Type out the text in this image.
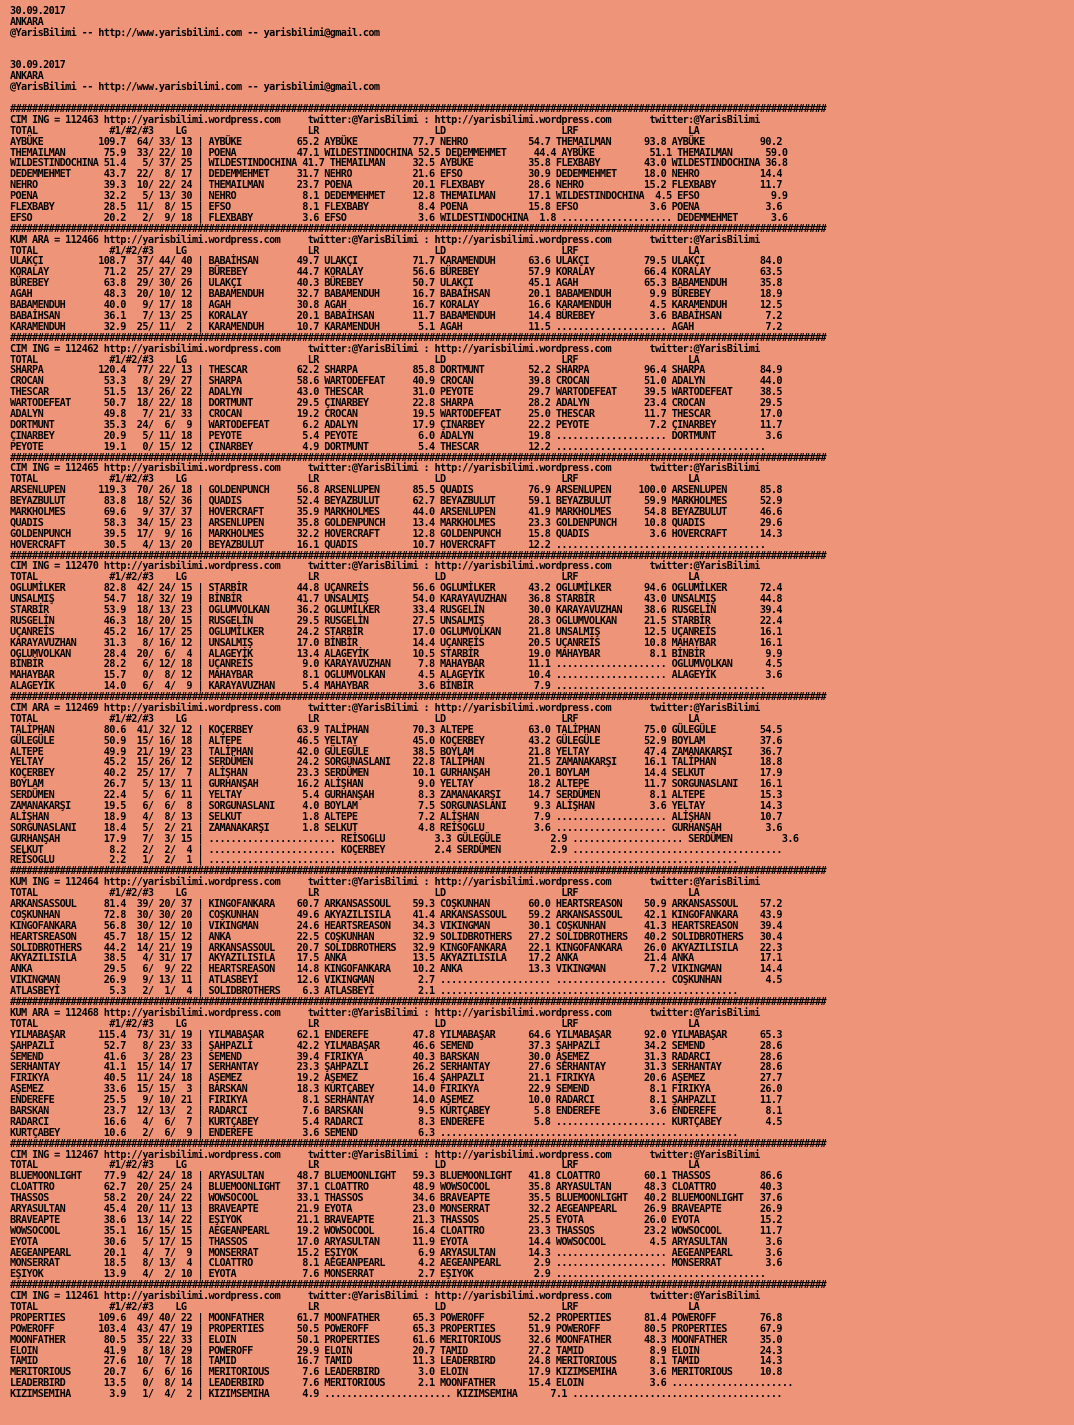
30.09.2017
ANKARA
@YarisBilimi -- http://www.yarisbilimi.com -- yarisbilimi@gmail.com

30.09.2017
ANKARA
@YarisBilimi -- http://www.yarisbilimi.com -- yarisbilimi@gmail.com

####################################################################################################################################################
CIM ING = 112463 http://yarisbilimi.wordpress.com     twitter:@YarisBilimi : http://yarisbilimi.wordpress.com       twitter:@YarisBilimi
TOTAL             #1/#2/#3    LG                      LR                     LD                     LRF                    LA
AYBÜKE          109.7  64/ 33/ 13 | AYBÜKE          65.2 AYBÜKE          77.7 NEHRO           54.7 THEMAILMAN      93.8 AYBÜKE          90.2
THEMAILMAN       75.9  33/ 22/ 10 | POENA           47.1 WILDESTINDOCHINA 52.5 DEDEMMEHMET     44.4 AYBÜKE          51.1 THEMAILMAN      59.0
WILDESTINDOCHINA 51.4   5/ 37/ 25 | WILDESTINDOCHINA 41.7 THEMAILMAN     32.5 AYBÜKE          35.8 FLEXBABY        43.0 WILDESTINDOCHINA 36.8
DEDEMMEHMET      43.7  22/  8/ 17 | DEDEMMEHMET     31.7 NEHRO           21.6 EFSO            30.9 DEDEMMEHMET     18.0 NEHRO           14.4
NEHRO            39.3  10/ 22/ 24 | THEMAILMAN      23.7 POENA           20.1 FLEXBABY        28.6 NEHRO           15.2 FLEXBABY        11.7
POENA            32.2   5/ 13/ 30 | NEHRO            8.1 DEDEMMEHMET     12.8 THEMAILMAN      17.1 WILDESTINDOCHINA  4.5 EFSO             9.9
FLEXBABY         28.5  11/  8/ 15 | EFSO             8.1 FLEXBABY         8.4 POENA           15.8 EFSO             3.6 POENA            3.6
EFSO             20.2   2/  9/ 18 | FLEXBABY         3.6 EFSO             3.6 WILDESTINDOCHINA  1.8 .................... DEDEMMEHMET      3.6
####################################################################################################################################################
KUM ARA = 112466 http://yarisbilimi.wordpress.com     twitter:@YarisBilimi : http://yarisbilimi.wordpress.com       twitter:@YarisBilimi
TOTAL             #1/#2/#3    LG                      LR                     LD                     LRF                    LA
ULAKÇI          108.7  37/ 44/ 40 | BABAİHSAN       49.7 ULAKÇI          71.7 KARAMENDUH      63.6 ULAKÇI          79.5 ULAKÇI          84.0
KORALAY          71.2  25/ 27/ 29 | BÜREBEY         44.7 KORALAY         56.6 BÜREBEY         57.9 KORALAY         66.4 KORALAY         63.5
BÜREBEY          63.8  29/ 30/ 26 | ULAKÇI          40.3 BÜREBEY         50.7 ULAKÇI          45.1 AGAH            65.3 BABAMENDUH      35.8
AGAH             48.3  20/ 10/ 12 | BABAMENDUH      32.7 BABAMENDUH      16.7 BABAİHSAN       20.1 BABAMENDUH       9.9 BÜREBEY         18.9
BABAMENDUH       40.0   9/ 17/ 18 | AGAH            30.8 AGAH            16.7 KORALAY         16.6 KARAMENDUH       4.5 KARAMENDUH      12.5
BABAİHSAN        36.1   7/ 13/ 25 | KORALAY         20.1 BABAİHSAN       11.7 BABAMENDUH      14.4 BÜREBEY          3.6 BABAİHSAN        7.2
KARAMENDUH       32.9  25/ 11/  2 | KARAMENDUH      10.7 KARAMENDUH       5.1 AGAH            11.5 .................... AGAH             7.2
####################################################################################################################################################
CIM ING = 112462 http://yarisbilimi.wordpress.com     twitter:@YarisBilimi : http://yarisbilimi.wordpress.com       twitter:@YarisBilimi
TOTAL             #1/#2/#3    LG                      LR                     LD                     LRF                    LA
SHARPA          120.4  77/ 22/ 13 | THESCAR         62.2 SHARPA          85.8 DORTMUNT        52.2 SHARPA          96.4 SHARPA          84.9
CROCAN           53.3   8/ 29/ 27 | SHARPA          58.6 WARTODEFEAT     40.9 CROCAN          39.8 CROCAN          51.0 ADALYN          44.0
THESCAR          51.5  13/ 26/ 22 | ADALYN          43.0 THESCAR         31.0 PEYOTE          29.7 WARTODEFEAT     39.5 WARTODEFEAT     38.5
WARTODEFEAT      50.7  18/ 22/ 18 | DORTMUNT        29.5 ÇINARBEY        22.8 SHARPA          28.2 ADALYN          23.4 CROCAN          29.5
ADALYN           49.8   7/ 21/ 33 | CROCAN          19.2 CROCAN          19.5 WARTODEFEAT     25.0 THESCAR         11.7 THESCAR         17.0
DORTMUNT         35.3  24/  6/  9 | WARTODEFEAT      6.2 ADALYN          17.9 ÇINARBEY        22.2 PEYOTE           7.2 ÇINARBEY        11.7
ÇINARBEY         20.9   5/ 11/ 18 | PEYOTE           5.4 PEYOTE           6.0 ADALYN          19.8 .................... DORTMUNT         3.6
PEYOTE           19.1   0/ 15/ 12 | ÇINARBEY         4.9 DORTMUNT         5.4 THESCAR         12.2 ......................................
####################################################################################################################################################
CIM ING = 112465 http://yarisbilimi.wordpress.com     twitter:@YarisBilimi : http://yarisbilimi.wordpress.com       twitter:@YarisBilimi
TOTAL             #1/#2/#3    LG                      LR                     LD                     LRF                    LA
ARSENLUPEN      119.3  70/ 26/ 18 | GOLDENPUNCH     56.8 ARSENLUPEN      85.5 QUADIS          76.9 ARSENLUPEN     100.0 ARSENLUPEN      85.8
BEYAZBULUT       83.8  18/ 52/ 36 | QUADIS          52.4 BEYAZBULUT      62.7 BEYAZBULUT      59.1 BEYAZBULUT      59.9 MARKHOLMES      52.9
MARKHOLMES       69.6   9/ 37/ 37 | HOVERCRAFT      35.9 MARKHOLMES      44.0 ARSENLUPEN      41.9 MARKHOLMES      54.8 BEYAZBULUT      46.6
QUADIS           58.3  34/ 15/ 23 | ARSENLUPEN      35.8 GOLDENPUNCH     13.4 MARKHOLMES      23.3 GOLDENPUNCH     10.8 QUADIS          29.6
GOLDENPUNCH      39.5  17/  9/ 16 | MARKHOLMES      32.2 HOVERCRAFT      12.8 GOLDENPUNCH     15.8 QUADIS           3.6 HOVERCRAFT      14.3
HOVERCRAFT       30.5   4/ 13/ 20 | BEYAZBULUT      16.1 QUADIS          10.7 HOVERCRAFT      12.2 ......................................
####################################################################################################################################################
CIM ING = 112470 http://yarisbilimi.wordpress.com     twitter:@YarisBilimi : http://yarisbilimi.wordpress.com       twitter:@YarisBilimi
TOTAL             #1/#2/#3    LG                      LR                     LD                     LRF                    LA
OGLUMİLKER       82.8  42/ 24/ 15 | STARBİR         44.8 UÇANREİS        56.6 OGLUMİLKER      43.2 OGLUMİLKER      94.6 OGLUMİLKER      72.4
UNSALMIŞ         54.7  18/ 32/ 19 | BİNBİR          41.7 UNSALMIŞ        54.0 KARAYAVUZHAN    36.8 STARBİR         43.0 UNSALMIŞ        44.8
STARBİR          53.9  18/ 13/ 23 | OGLUMVOLKAN     36.2 OGLUMİLKER      33.4 RUSGELİN        30.0 KARAYAVUZHAN    38.6 RUSGELİN        39.4
RUSGELİN         46.3  18/ 20/ 15 | RUSGELİN        29.5 RUSGELİN        27.5 UNSALMIŞ        28.3 OGLUMVOLKAN     21.5 STARBİR         22.4
UÇANREİS         45.2  16/ 17/ 25 | OGLUMİLKER      24.2 STARBİR         17.0 OGLUMVOLKAN     21.8 UNSALMIŞ        12.5 UÇANREİS        16.1
KARAYAVUZHAN     31.3   8/ 16/ 12 | UNSALMIŞ        17.0 BİNBİR          14.4 UÇANREİS        20.5 UÇANREİS        10.8 MAHAYBAR        16.1
OGLUMVOLKAN      28.4  20/  6/  4 | ALAGEYİK        13.4 ALAGEYİK        10.5 STARBİR         19.0 MAHAYBAR         8.1 BİNBİR           9.9
BİNBİR           28.2   6/ 12/ 18 | UÇANREİS         9.0 KARAYAVUZHAN     7.8 MAHAYBAR        11.1 .................... OGLUMVOLKAN      4.5
MAHAYBAR         15.7   0/  8/ 12 | MAHAYBAR         8.1 OGLUMVOLKAN      4.5 ALAGEYİK        10.4 .................... ALAGEYİK         3.6
ALAGEYİK         14.0   6/  4/  9 | KARAYAVUZHAN     5.4 MAHAYBAR         3.6 BİNBİR           7.9 ......................................
####################################################################################################################################################
CIM ARA = 112469 http://yarisbilimi.wordpress.com     twitter:@YarisBilimi : http://yarisbilimi.wordpress.com       twitter:@YarisBilimi
TOTAL             #1/#2/#3    LG                      LR                     LD                     LRF                    LA
TALİPHAN         80.6  41/ 32/ 12 | KOÇERBEY        63.9 TALİPHAN        70.3 ALTEPE          63.0 TALİPHAN        75.0 GÜLEGÜLE        54.5
GÜLEGÜLE         50.9  15/ 16/ 18 | ALTEPE          46.5 YELTAY          45.0 KOÇERBEY        43.2 GÜLEGÜLE        52.9 BOYLAM          37.6
ALTEPE           49.9  21/ 19/ 23 | TALİPHAN        42.0 GÜLEGÜLE        38.5 BOYLAM          21.8 YELTAY          47.4 ZAMANAKARŞI     36.7
YELTAY           45.2  15/ 26/ 12 | SERDÜMEN        24.2 SORGUNASLANI    22.8 TALİPHAN        21.5 ZAMANAKARŞI     16.1 TALİPHAN        18.8
KOÇERBEY         40.2  25/ 17/  7 | ALİŞHAN         23.3 SERDÜMEN        10.1 GURHANŞAH       20.1 BOYLAM          14.4 SELKUT          17.9
BOYLAM           26.7   5/ 13/ 11 | GURHANŞAH       16.2 ALİŞHAN          9.0 YELTAY          18.2 ALTEPE          11.7 SORGUNASLANI    16.1
SERDÜMEN         22.4   5/  6/ 11 | YELTAY           5.4 GURHANŞAH        8.3 ZAMANAKARŞI     14.7 SERDÜMEN         8.1 ALTEPE          15.3
ZAMANAKARŞI      19.5   6/  6/  8 | SORGUNASLANI     4.0 BOYLAM           7.5 SORGUNASLANI     9.3 ALİŞHAN          3.6 YELTAY          14.3
ALİŞHAN          18.9   4/  8/ 13 | SELKUT           1.8 ALTEPE           7.2 ALİŞHAN          7.9 .................... ALİŞHAN         10.7
SORGUNASLANI     18.4   5/  2/ 21 | ZAMANAKARŞI      1.8 SELKUT           4.8 REİSOGLU         3.6 .................... GURHANŞAH        3.6
GURHANŞAH        17.9   7/  3/ 15 | ....................... REİSOGLU         3.3 GÜLEGÜLE         2.9 .................... SERDÜMEN         3.6
SELKUT            8.2   2/  2/  4 | ....................... KOÇERBEY         2.4 SERDÜMEN         2.9 ......................................
REİSOGLU          2.2   1/  2/  1 | ................................................................................................
####################################################################################################################################################
KUM ING = 112464 http://yarisbilimi.wordpress.com     twitter:@YarisBilimi : http://yarisbilimi.wordpress.com       twitter:@YarisBilimi
TOTAL             #1/#2/#3    LG                      LR                     LD                     LRF                    LA
ARKANSASSOUL     81.4  39/ 20/ 37 | KINGOFANKARA    60.7 ARKANSASSOUL    59.3 COŞKUNHAN       60.0 HEARTSREASON    50.9 ARKANSASSOUL    57.2
COŞKUNHAN        72.8  30/ 30/ 20 | COŞKUNHAN       49.6 AKYAZILISILA    41.4 ARKANSASSOUL    59.2 ARKANSASSOUL    42.1 KINGOFANKARA    43.9
KINGOFANKARA     56.8  30/ 12/ 10 | VIKINGMAN       24.6 HEARTSREASON    34.3 VIKINGMAN       30.1 COŞKUNHAN       41.3 HEARTSREASON    39.4
HEARTSREASON     45.7  18/ 15/ 12 | ANKA            22.5 COŞKUNHAN       32.9 SOLIDBROTHERS   27.2 SOLIDBROTHERS   40.2 SOLIDBROTHERS   30.4
SOLIDBROTHERS    44.2  14/ 21/ 19 | ARKANSASSOUL    20.7 SOLIDBROTHERS   32.9 KINGOFANKARA    22.1 KINGOFANKARA    26.0 AKYAZILISILA    22.3
AKYAZILISILA     38.5   4/ 31/ 17 | AKYAZILISILA    17.5 ANKA            13.5 AKYAZILISILA    17.2 ANKA            21.4 ANKA            17.1
ANKA             29.5   6/  9/ 22 | HEARTSREASON    14.8 KINGOFANKARA    10.2 ANKA            13.3 VIKINGMAN        7.2 VIKINGMAN       14.4
VIKINGMAN        26.9   9/ 13/ 11 | ATLASBEYİ       12.6 VIKINGMAN        2.7 .................... .................... COŞKUNHAN        4.5
ATLASBEYİ         5.3   2/  1/  4 | SOLIDBROTHERS    6.3 ATLASBEYİ        2.1 ......................................................
####################################################################################################################################################
KUM ARA = 112468 http://yarisbilimi.wordpress.com     twitter:@YarisBilimi : http://yarisbilimi.wordpress.com       twitter:@YarisBilimi
TOTAL             #1/#2/#3    LG                      LR                     LD                     LRF                    LA
YILMABAŞAR      115.4  73/ 31/ 19 | YILMABAŞAR      62.1 ENDEREFE        47.8 YILMABAŞAR      64.6 YILMABAŞAR      92.0 YILMABAŞAR      65.3
ŞAHPAZLI         52.7   8/ 23/ 33 | ŞAHPAZLI        42.2 YILMABAŞAR      46.6 SEMEND          37.3 ŞAHPAZLI        34.2 SEMEND          28.6
SEMEND           41.6   3/ 28/ 23 | SEMEND          39.4 FIRIKYA         40.3 BARSKAN         30.0 AŞEMEZ          31.3 RADARCI         28.6
SERHANTAY        41.1  15/ 14/ 17 | SERHANTAY       23.3 ŞAHPAZLI        26.2 SERHANTAY       27.6 SERHANTAY       31.3 SERHANTAY       28.6
FIRIKYA          40.5  11/ 24/ 18 | AŞEMEZ          19.2 AŞEMEZ          16.4 ŞAHPAZLI        21.1 FIRIKYA         20.6 AŞEMEZ          27.7
AŞEMEZ           33.6  15/ 15/  3 | BARSKAN         18.3 KURTÇABEY       14.0 FIRIKYA         22.9 SEMEND           8.1 FIRIKYA         26.0
ENDEREFE         25.5   9/ 10/ 21 | FIRIKYA          8.1 SERHANTAY       14.0 AŞEMEZ          10.0 RADARCI          8.1 ŞAHPAZLI        11.7
BARSKAN          23.7  12/ 13/  2 | RADARCI          7.6 BARSKAN          9.5 KURTÇABEY        5.8 ENDEREFE         3.6 ENDEREFE         8.1
RADARCI          16.6   4/  6/  7 | KURTÇABEY        5.4 RADARCI          8.3 ENDEREFE         5.8 .................... KURTÇABEY        4.5
KURTÇABEY        10.6   2/  6/  9 | ENDEREFE         3.6 SEMEND           6.3 ......................................................
####################################################################################################################################################
CIM ING = 112467 http://yarisbilimi.wordpress.com     twitter:@YarisBilimi : http://yarisbilimi.wordpress.com       twitter:@YarisBilimi
TOTAL             #1/#2/#3    LG                      LR                     LD                     LRF                    LA
BLUEMOONLIGHT    77.9  42/ 24/ 18 | ARYASULTAN      48.7 BLUEMOONLIGHT   59.3 BLUEMOONLIGHT   41.8 CLOATTRO        60.1 THASSOS         86.6
CLOATTRO         62.7  20/ 25/ 24 | BLUEMOONLIGHT   37.1 CLOATTRO        48.9 WOWSOCOOL       35.8 ARYASULTAN      48.3 CLOATTRO        40.3
THASSOS          58.2  20/ 24/ 22 | WOWSOCOOL       33.1 THASSOS         34.6 BRAVEAPTE       35.5 BLUEMOONLIGHT   40.2 BLUEMOONLIGHT   37.6
ARYASULTAN       45.4  20/ 11/ 13 | BRAVEAPTE       21.9 EYOTA           23.0 MONSERRAT       32.2 AEGEANPEARL     26.9 BRAVEAPTE       26.9
BRAVEAPTE        38.6  13/ 14/ 22 | EŞIYOK          21.1 BRAVEAPTE       21.3 THASSOS         25.5 EYOTA           26.0 EYOTA           15.2
WOWSOCOOL        35.1  16/ 15/ 15 | AEGEANPEARL     19.2 WOWSOCOOL       16.4 CLOATTRO        23.3 THASSOS         23.2 WOWSOCOOL       11.7
EYOTA            30.6   5/ 17/ 15 | THASSOS         17.0 ARYASULTAN      11.9 EYOTA           14.4 WOWSOCOOL        4.5 ARYASULTAN       3.6
AEGEANPEARL      20.1   4/  7/  9 | MONSERRAT       15.2 EŞIYOK           6.9 ARYASULTAN      14.3 .................... AEGEANPEARL      3.6
MONSERRAT        18.5   8/ 13/  4 | CLOATTRO         8.1 AEGEANPEARL      4.2 AEGEANPEARL      2.9 .................... MONSERRAT        3.6
EŞIYOK           13.9   4/  2/ 10 | EYOTA            7.6 MONSERRAT        2.7 EŞIYOK           2.9 ......................................
####################################################################################################################################################
CIM ING = 112461 http://yarisbilimi.wordpress.com     twitter:@YarisBilimi : http://yarisbilimi.wordpress.com       twitter:@YarisBilimi
TOTAL             #1/#2/#3    LG                      LR                     LD                     LRF                    LA
PROPERTIES      109.6  49/ 40/ 22 | MOONFATHER      61.7 MOONFATHER      65.3 POWEROFF        52.2 PROPERTIES      81.4 POWEROFF        76.8
POWEROFF        103.4  43/ 47/ 19 | PROPERTIES      50.5 POWEROFF        65.3 PROPERTIES      51.9 POWEROFF        80.5 PROPERTIES      67.9
MOONFATHER       80.5  35/ 22/ 33 | ELOIN           50.1 PROPERTIES      61.6 MERITORIOUS     32.6 MOONFATHER      48.3 MOONFATHER      35.0
ELOIN            41.9   8/ 18/ 29 | POWEROFF        29.9 ELOIN           20.7 TAMID           27.2 TAMID            8.9 ELOIN           24.3
TAMID            27.6  10/  7/ 18 | TAMID           16.7 TAMID           11.3 LEADERBIRD      24.8 MERITORIOUS      8.1 TAMID           14.3
MERITORIOUS      20.7   6/  6/ 16 | MERITORIOUS      7.6 LEADERBIRD       3.0 ELOIN           17.9 KIZIMSEMIHA      3.6 MERITORIOUS     10.8
LEADERBIRD       13.5   0/  8/ 14 | LEADERBIRD       7.6 MERITORIOUS      2.1 MOONFATHER      15.4 ELOIN            3.6 ......................
KIZIMSEMIHA       3.9   1/  4/  2 | KIZIMSEMIHA      4.9 ....................... KIZIMSEMIHA      7.1 ......................................
